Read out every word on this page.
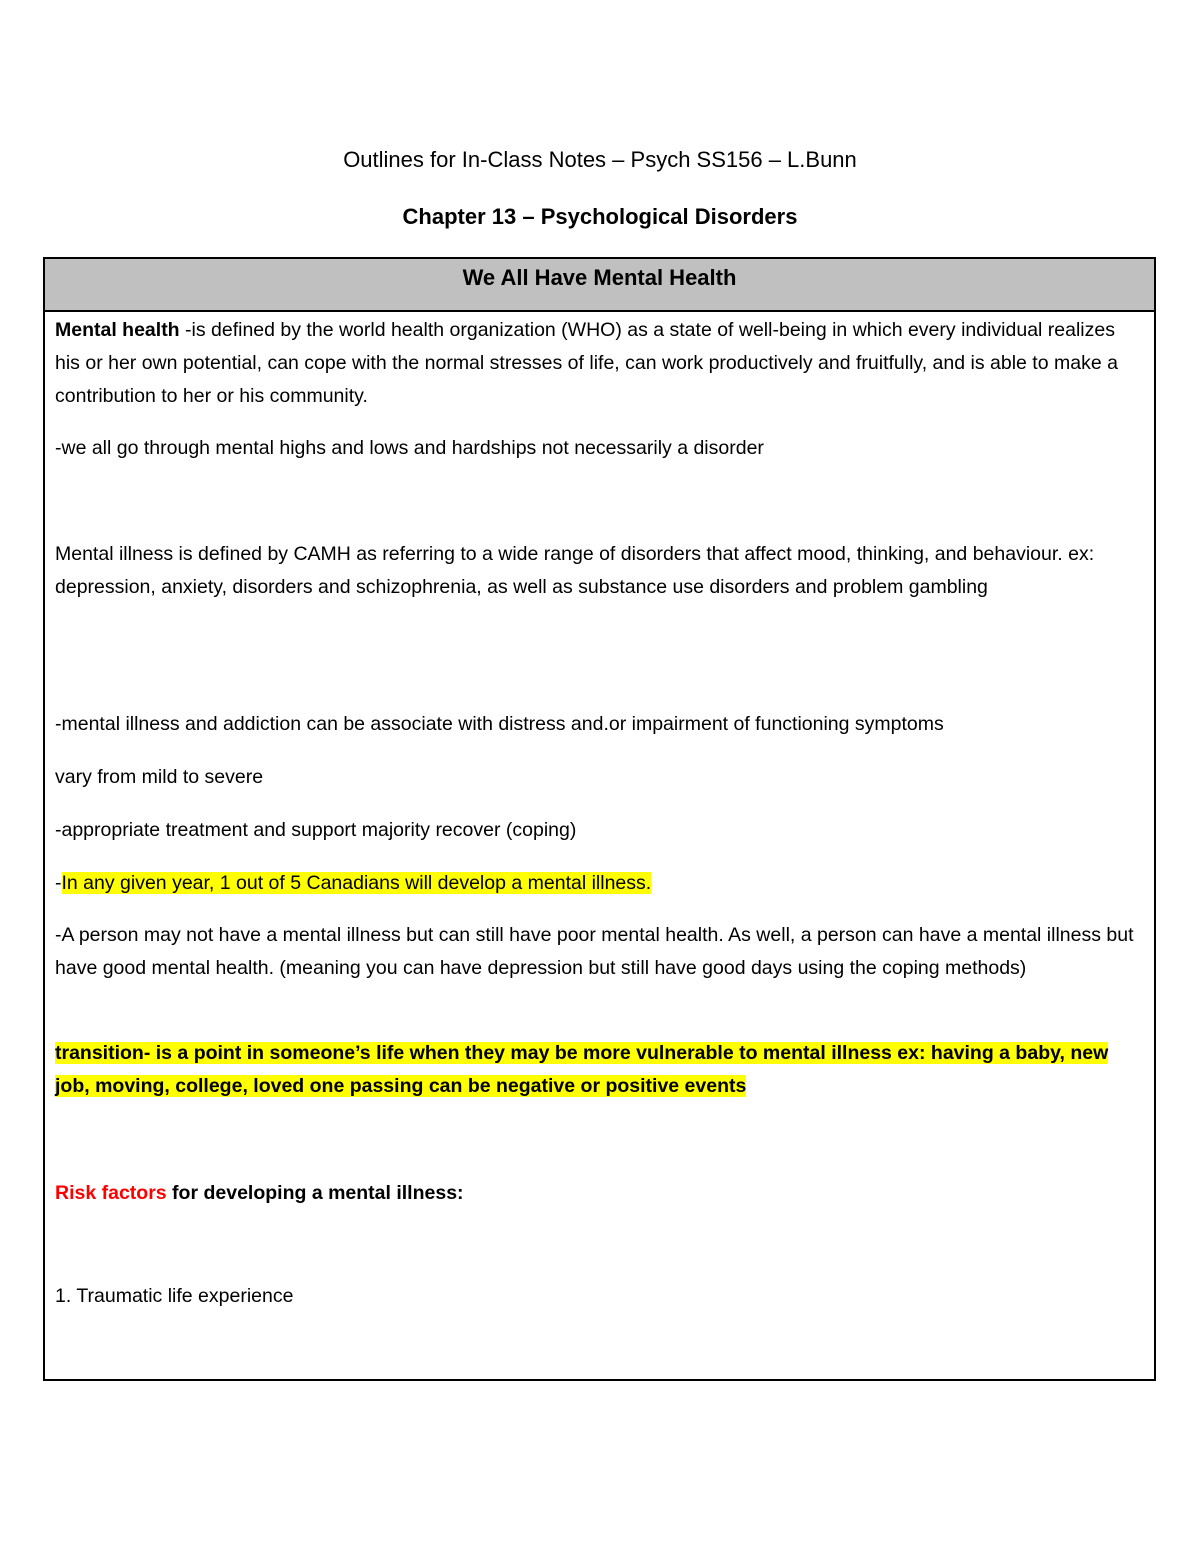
Outlines for In-Class Notes – Psych SS156 – L.Bunn
Chapter 13 – Psychological Disorders
We All Have Mental Health

Mental health -is defined by the world health organization (WHO) as a state of well-being in which every individual realizes his or her own potential, can cope with the normal stresses of life, can work productively and fruitfully, and is able to make a contribution to her or his community.

-we all go through mental highs and lows and hardships not necessarily a disorder

Mental illness is defined by CAMH as referring to a wide range of disorders that affect mood, thinking, and behaviour. ex: depression, anxiety, disorders and schizophrenia, as well as substance use disorders and problem gambling

-mental illness and addiction can be associate with distress and.or impairment of functioning symptoms

vary from mild to severe

-appropriate treatment and support majority recover (coping)

-In any given year, 1 out of 5 Canadians will develop a mental illness.

-A person may not have a mental illness but can still have poor mental health. As well, a person can have a mental illness but have good mental health. (meaning you can have depression but still have good days using the coping methods)

transition- is a point in someone’s life when they may be more vulnerable to mental illness ex: having a baby, new job, moving, college, loved one passing can be negative or positive events

Risk factors for developing a mental illness:

1. Traumatic life experience
